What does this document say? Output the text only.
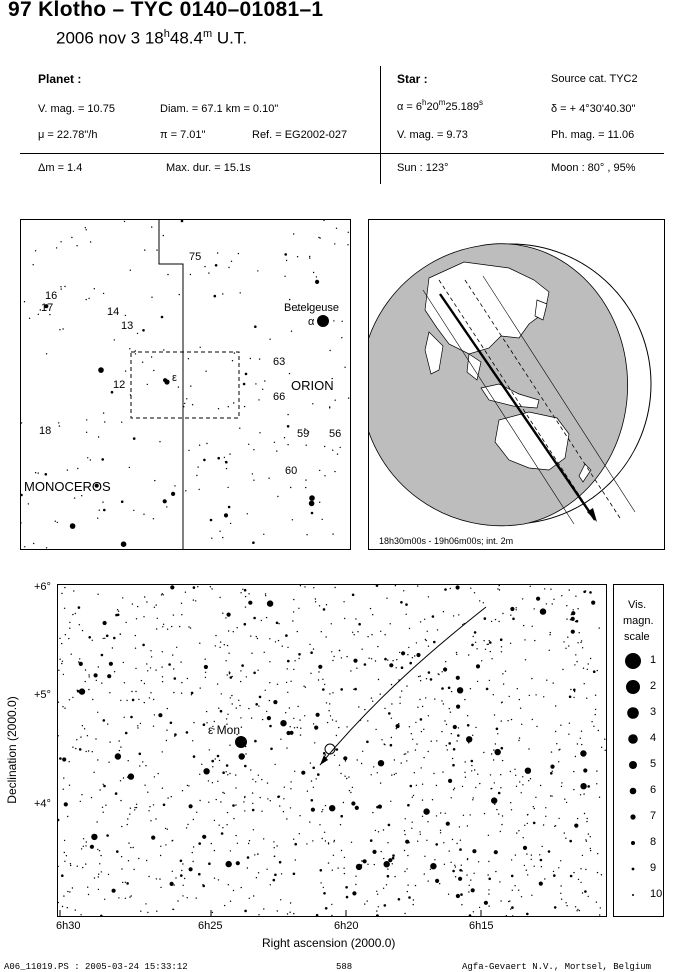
97 Klotho – TYC 0140–01081–1
2006 nov 3 18$^h$48.4$^m$ U.T.
Planet :
V. mag. = 10.75	Diam. = 67.1 km = 0.10"
μ = 22.78"/h	π = 7.01"	Ref. = EG2002-027
Δm = 1.4	Max. dur. = 15.1s
Star :	Source cat. TYC2
$\alpha = 6^h20^m25.189^s$
δ = + 4°30'40.30"
V. mag. = 9.73	Ph. mag. = 11.06
Sun : 123°	Moon : 80° , 95%
75
16
17	14
13
12
ε
63
66
59 56
60
18
Betelgeuse
α
ORION
MONOCEROS
18h30m00s - 19h06m00s; int. 2m
ε Mon
+6°
+5°
+4°
6h30	6h25	6h20	6h15
Right ascension (2000.0)
Declination (2000.0)
Vis.
magn.
scale
1
2
3
4
5
6
7
8
9
10
A06_11019.PS : 2005-03-24 15:33:12	588	Agfa-Gevaert N.V., Mortsel, Belgium
